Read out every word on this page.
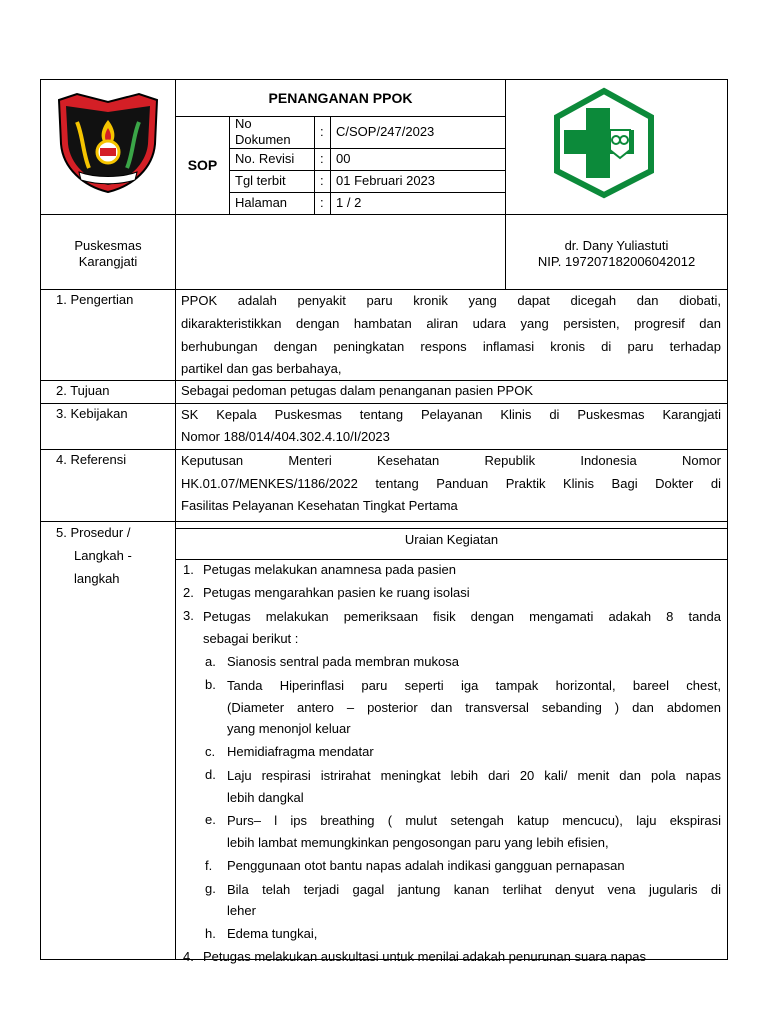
PENANGANAN PPOK
SOP
No
Dokumen
: C/SOP/247/2023
No. Revisi : 00
Tgl terbit	: 01 Februari 2023
Halaman	: 1 / 2
Puskesmas
Karangjati
dr. Dany Yuliastuti
NIP. 197207182006042012
1. Pengertian	PPOK adalah penyakit paru kronik yang dapat dicegah dan diobati,
dikarakteristikkan dengan hambatan aliran udara yang persisten, progresif dan
berhubungan dengan peningkatan respons inflamasi kronis di paru terhadap
partikel dan gas berbahaya,
2. Tujuan	Sebagai pedoman petugas dalam penanganan pasien PPOK
3. Kebijakan	SK Kepala Puskesmas tentang Pelayanan Klinis di Puskesmas Karangjati
Nomor 188/014/404.302.4.10/I/2023
4. Referensi	Keputusan Menteri Kesehatan Republik Indonesia Nomor
HK.01.07/MENKES/1186/2022 tentang Panduan Praktik Klinis Bagi Dokter di
Fasilitas Pelayanan Kesehatan Tingkat Pertama
5. Prosedur /
Langkah -
langkah
Uraian Kegiatan
1. Petugas melakukan anamnesa pada pasien
2. Petugas mengarahkan pasien ke ruang isolasi
3. Petugas melakukan pemeriksaan fisik dengan mengamati adakah 8 tanda
sebagai berikut :
a. Sianosis sentral pada membran mukosa
b. Tanda Hiperinflasi paru seperti iga tampak horizontal, bareel chest,
(Diameter antero – posterior dan transversal sebanding ) dan abdomen
yang menonjol keluar
c. Hemidiafragma mendatar
d. Laju respirasi istrirahat meningkat lebih dari 20 kali/ menit dan pola napas
lebih dangkal
e. Purs– l ips breathing ( mulut setengah katup mencucu), laju ekspirasi
lebih lambat memungkinkan pengosongan paru yang lebih efisien,
f. Penggunaan otot bantu napas adalah indikasi gangguan pernapasan
g. Bila telah terjadi gagal jantung kanan terlihat denyut vena jugularis di
leher
h. Edema tungkai,
4. Petugas melakukan auskultasi untuk menilai adakah penurunan suara napas
